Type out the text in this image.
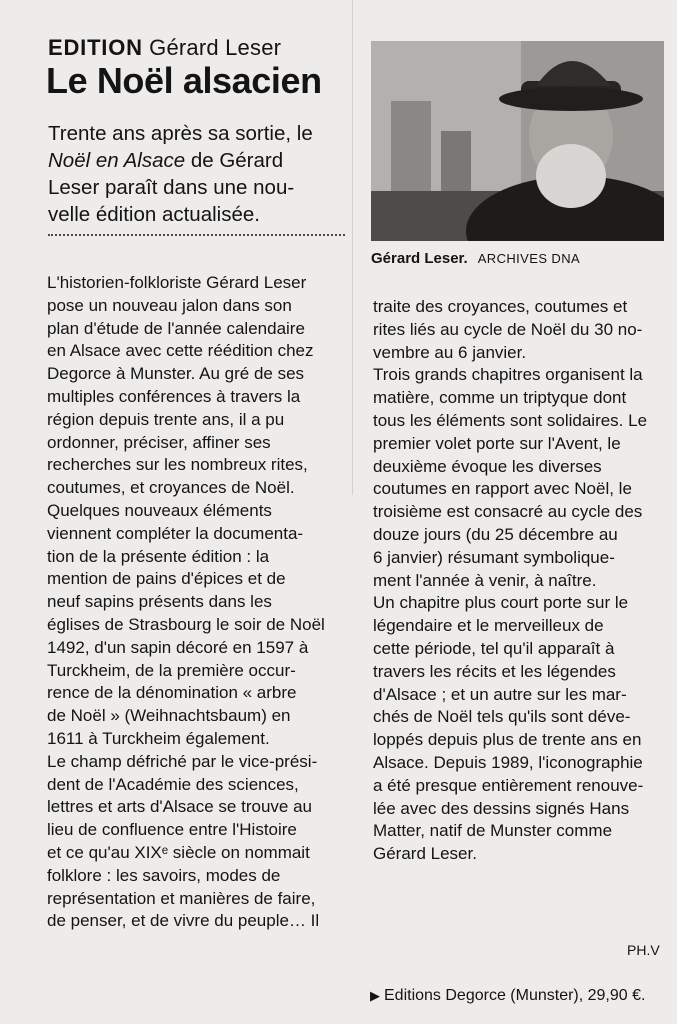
EDITION Gérard Leser
Le Noël alsacien
Trente ans après sa sortie, le
Noël en Alsace de Gérard
Leser paraît dans une nou-
velle édition actualisée.
Gérard Leser. ARCHIVES DNA
L'historien-folkloriste Gérard Leser
pose un nouveau jalon dans son
plan d'étude de l'année calendaire
en Alsace avec cette réédition chez
Degorce à Munster. Au gré de ses
multiples conférences à travers la
région depuis trente ans, il a pu
ordonner, préciser, affiner ses
recherches sur les nombreux rites,
coutumes, et croyances de Noël.
Quelques nouveaux éléments
viennent compléter la documenta-
tion de la présente édition : la
mention de pains d'épices et de
neuf sapins présents dans les
églises de Strasbourg le soir de Noël
1492, d'un sapin décoré en 1597 à
Turckheim, de la première occur-
rence de la dénomination « arbre
de Noël » (Weihnachtsbaum) en
1611 à Turckheim également.
Le champ défriché par le vice-prési-
dent de l'Académie des sciences,
lettres et arts d'Alsace se trouve au
lieu de confluence entre l'Histoire
et ce qu'au XIXᵉ siècle on nommait
folklore : les savoirs, modes de
représentation et manières de faire,
de penser, et de vivre du peuple… Il
traite des croyances, coutumes et
rites liés au cycle de Noël du 30 no-
vembre au 6 janvier.
Trois grands chapitres organisent la
matière, comme un triptyque dont
tous les éléments sont solidaires. Le
premier volet porte sur l'Avent, le
deuxième évoque les diverses
coutumes en rapport avec Noël, le
troisième est consacré au cycle des
douze jours (du 25 décembre au
6 janvier) résumant symbolique-
ment l'année à venir, à naître.
Un chapitre plus court porte sur le
légendaire et le merveilleux de
cette période, tel qu'il apparaît à
travers les récits et les légendes
d'Alsace ; et un autre sur les mar-
chés de Noël tels qu'ils sont déve-
loppés depuis plus de trente ans en
Alsace. Depuis 1989, l'iconographie
a été presque entièrement renouve-
lée avec des dessins signés Hans
Matter, natif de Munster comme
Gérard Leser.
PH.V
▶ Editions Degorce (Munster), 29,90 €.
